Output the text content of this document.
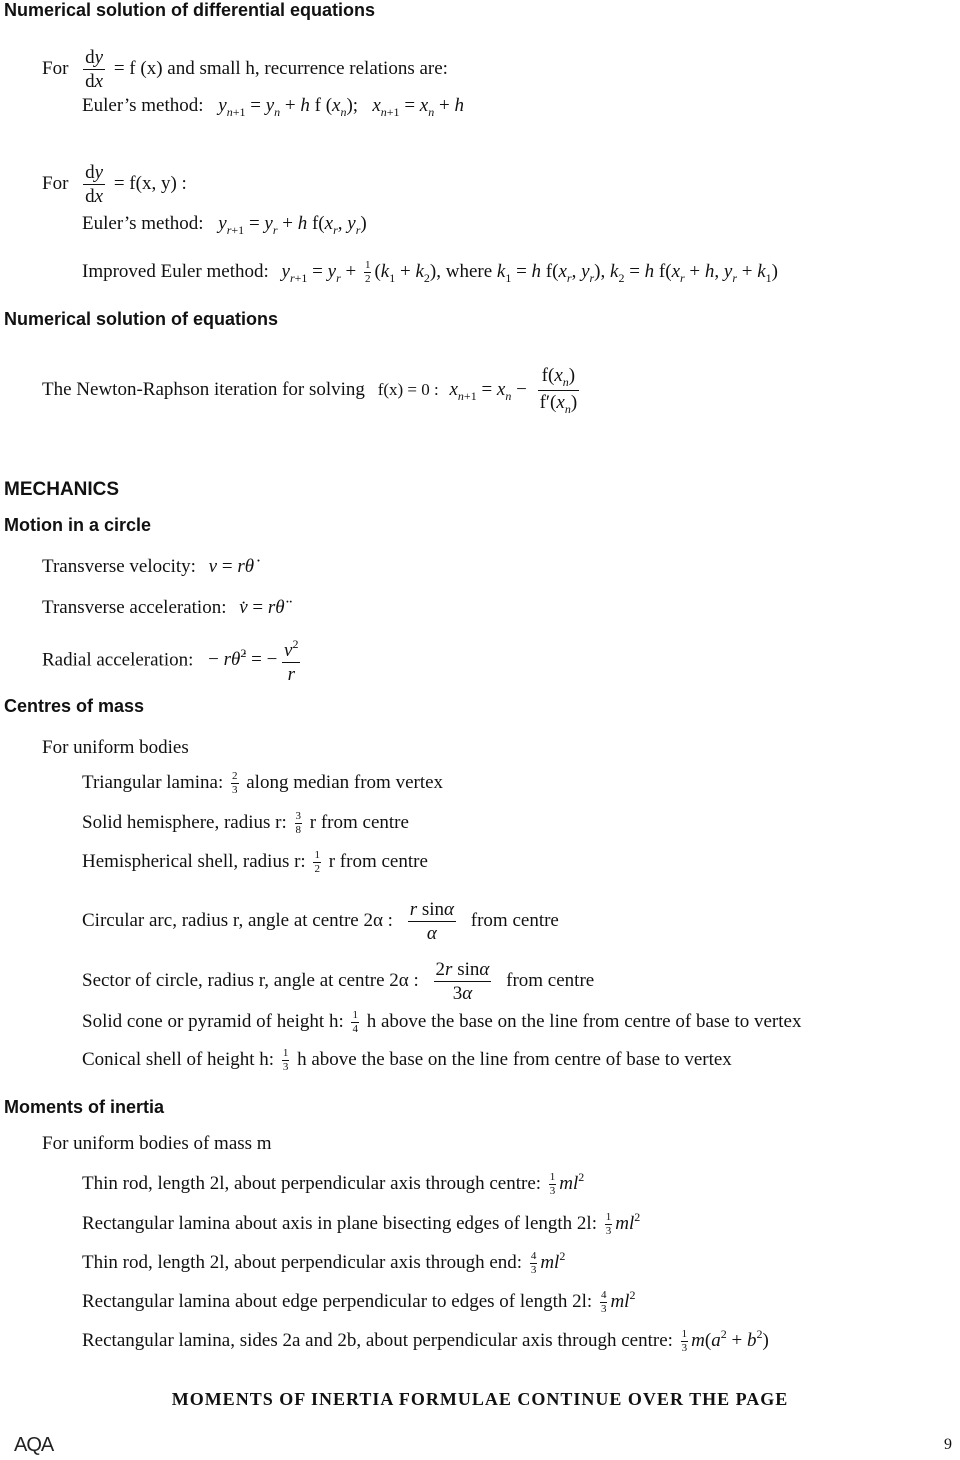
Numerical solution of differential equations
For $\frac{dy}{dx} = f$ (x) and small h, recurrence relations are:
Euler’s method: $y_{n+1} = y_n + h$ f $(x_n)$;   $x_{n+1} = x_n + h$
For $\frac{dy}{dx} = f(x$, y) :
Euler’s method: $y_{r+1} = y_r + h$ $f(x_r$, $y_r$)
Improved Euler method: $y_{r+1} = y_r + \frac{1}{2} (k_1 + k_2)$, where $k_1 = h$ $f(x_r$, $y_r$), $k_2 = h$ $f(x_r + h$, $y_r + k_1$)
Numerical solution of equations
The Newton-Raphson iteration for solving f(x) = 0 : $x_{n+1} = x_n - \frac{f(x_n)}{f'(x_n)}$
MECHANICS
Motion in a circle
Transverse velocity: v = rθ̇
Transverse acceleration: v̇ = rθ̈
Radial acceleration: − rθ̇$^2$ = − $\frac{v^2}{r}$
Centres of mass
For uniform bodies
Triangular lamina: $\frac{2}{3}$ along median from vertex
Solid hemisphere, radius r: $\frac{3}{8}$ r from centre
Hemispherical shell, radius r: $\frac{1}{2}$ r from centre
Circular arc, radius r, angle at centre 2α : $\frac{\text{r sinα}}{\alpha}$ from centre
Sector of circle, radius r, angle at centre 2α : $\frac{\text{2r sinα}}{3\alpha}$ from centre
Solid cone or pyramid of height h: $\frac{1}{4}$ h above the base on the line from centre of base to vertex
Conical shell of height h: $\frac{1}{3}$ h above the base on the line from centre of base to vertex
Moments of inertia
For uniform bodies of mass m
Thin rod, length 2l, about perpendicular axis through centre: $\frac{1}{3} ml^2$
Rectangular lamina about axis in plane bisecting edges of length 2l: $\frac{1}{3} ml^2$
Thin rod, length 2l, about perpendicular axis through end: $\frac{4}{3} ml^2$
Rectangular lamina about edge perpendicular to edges of length 2l: $\frac{4}{3} ml^2$
Rectangular lamina, sides 2a and 2b, about perpendicular axis through centre: $\frac{1}{3} m(a^2 + b^2)$
MOMENTS OF INERTIA FORMULAE CONTINUE OVER THE PAGE
AQA	9
